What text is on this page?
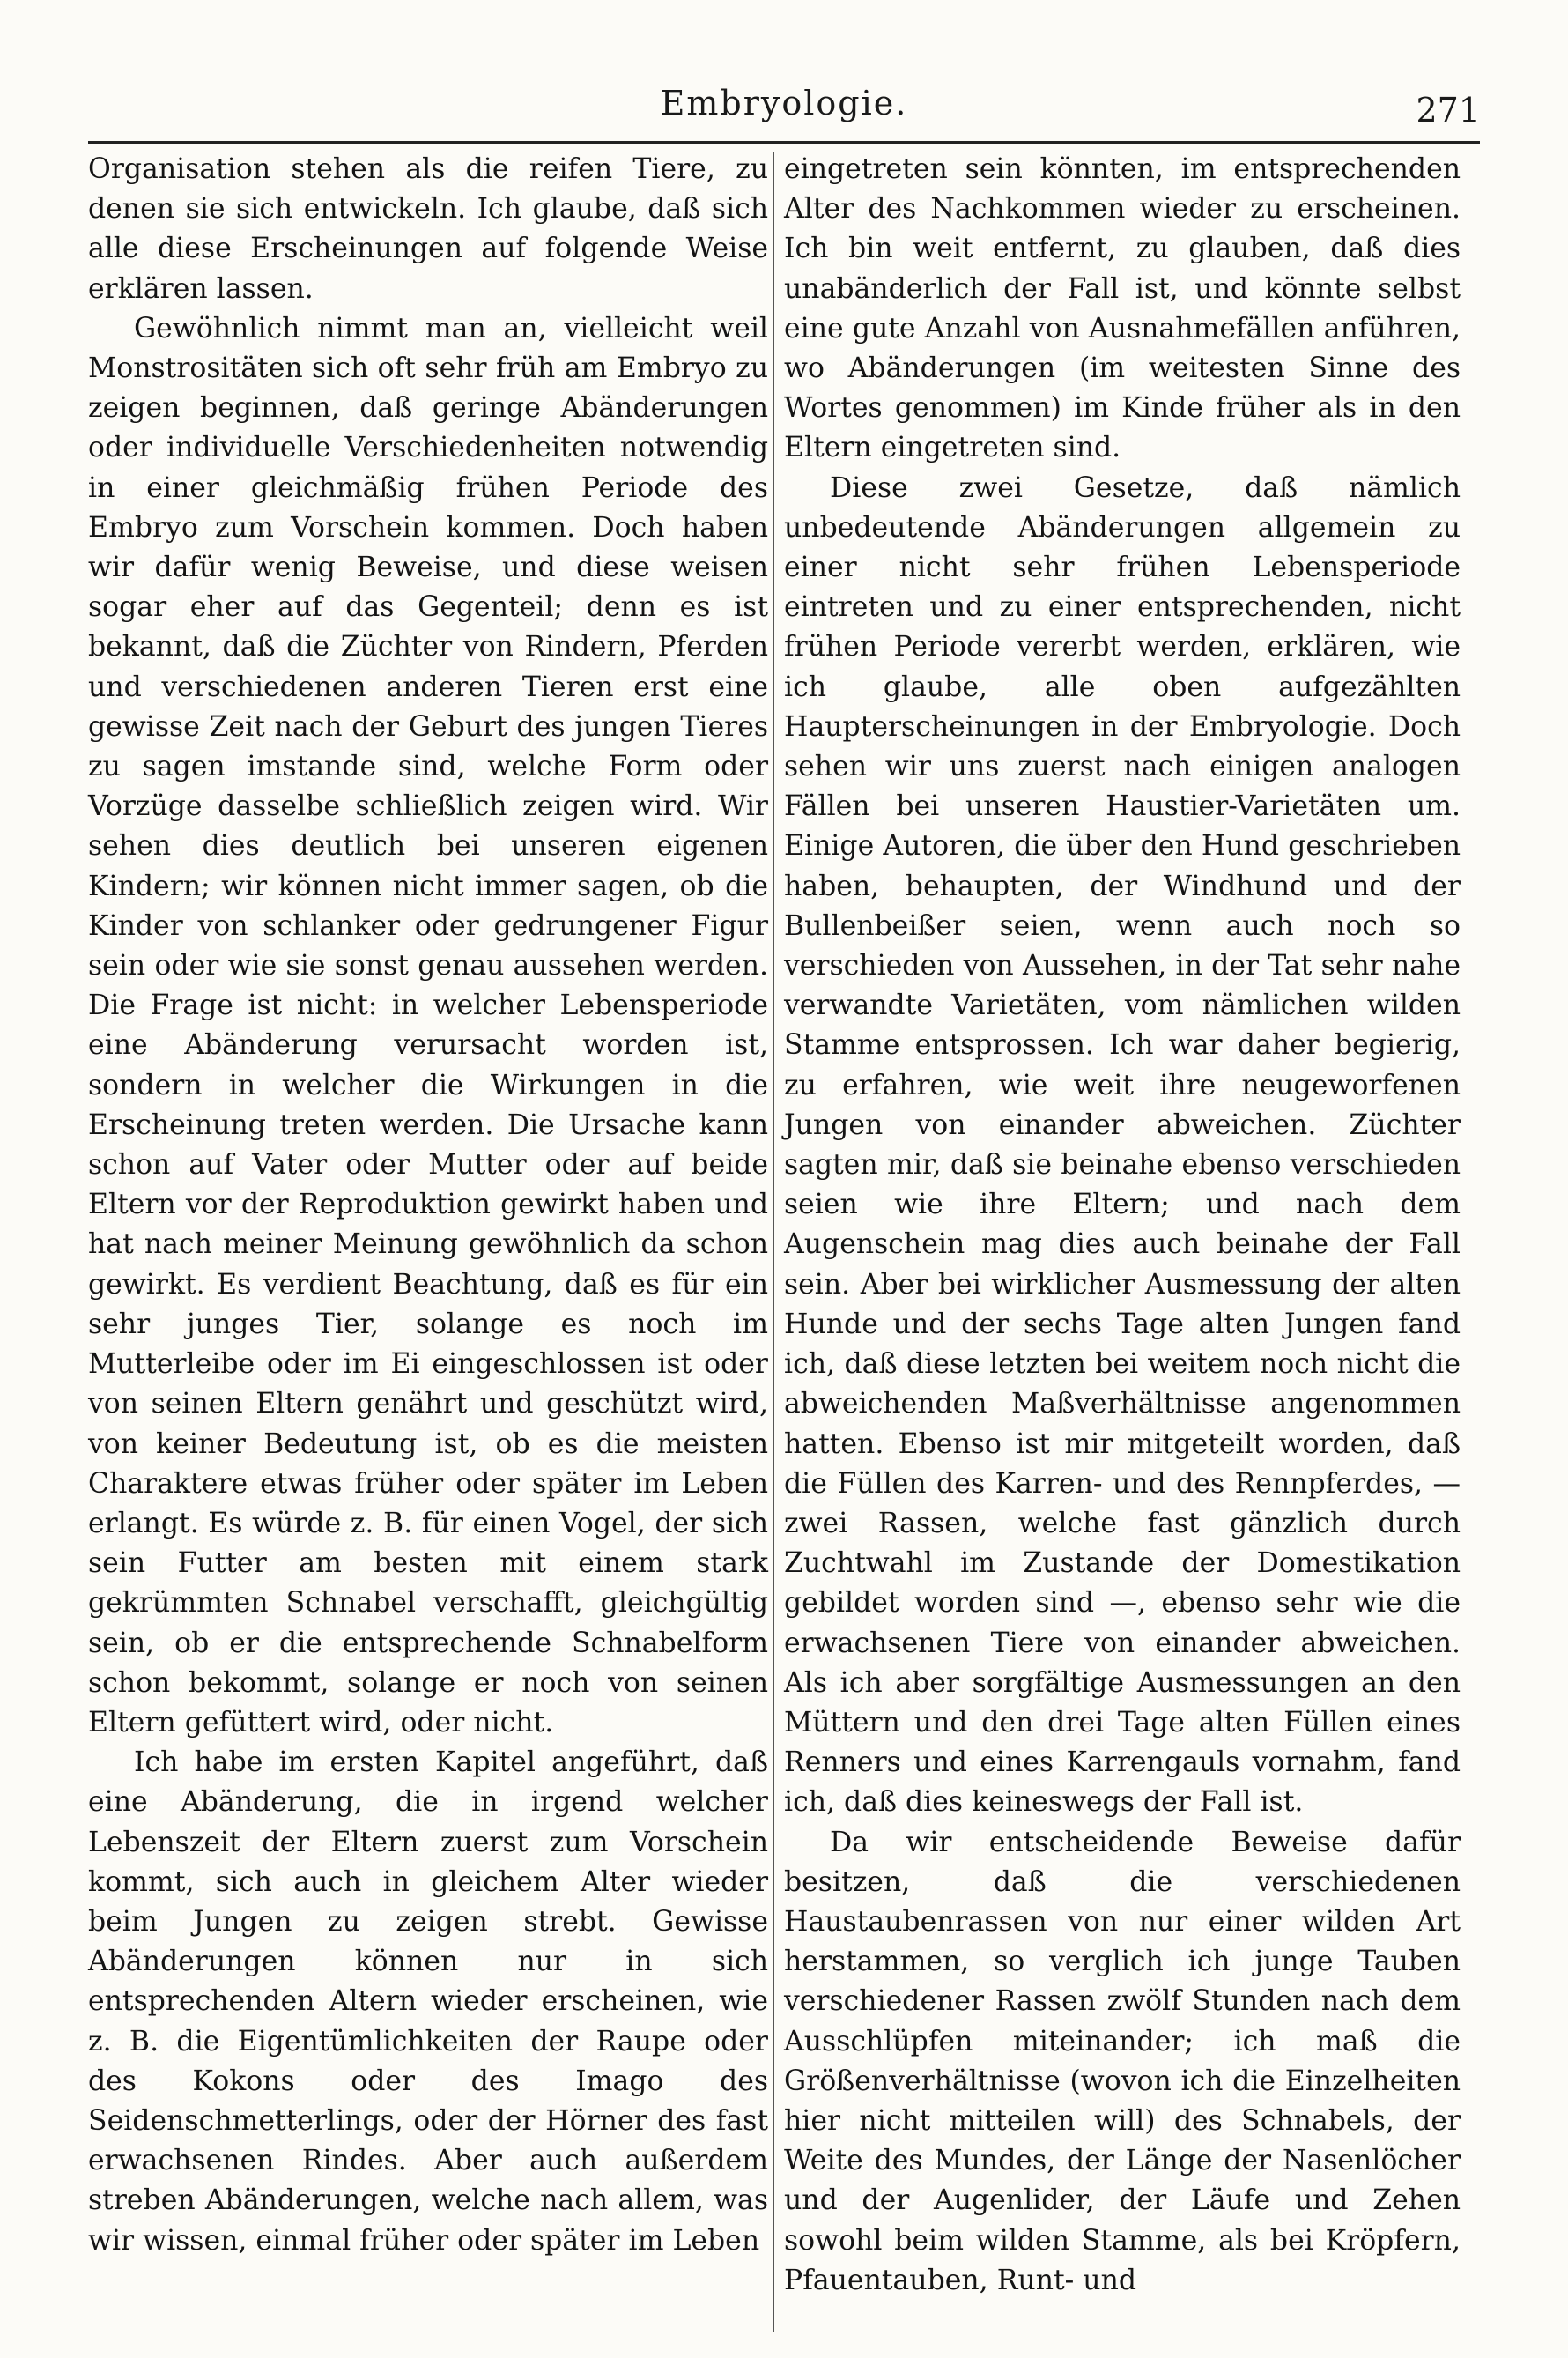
Embryologie.	271

Organisation stehen als die reifen Tiere, zu denen sie sich entwickeln. Ich glaube, daß sich alle diese Erscheinungen auf folgende Weise erklären lassen.

Gewöhnlich nimmt man an, vielleicht weil Monstrositäten sich oft sehr früh am Embryo zu zeigen beginnen, daß geringe Abänderungen oder individuelle Verschiedenheiten notwendig in einer gleichmäßig frühen Periode des Embryo zum Vorschein kommen. Doch haben wir dafür wenig Beweise, und diese weisen sogar eher auf das Gegenteil; denn es ist bekannt, daß die Züchter von Rindern, Pferden und verschiedenen anderen Tieren erst eine gewisse Zeit nach der Geburt des jungen Tieres zu sagen imstande sind, welche Form oder Vorzüge dasselbe schließlich zeigen wird. Wir sehen dies deutlich bei unseren eigenen Kindern; wir können nicht immer sagen, ob die Kinder von schlanker oder gedrungener Figur sein oder wie sie sonst genau aussehen werden. Die Frage ist nicht: in welcher Lebensperiode eine Abänderung verursacht worden ist, sondern in welcher die Wirkungen in die Erscheinung treten werden. Die Ursache kann schon auf Vater oder Mutter oder auf beide Eltern vor der Reproduktion gewirkt haben und hat nach meiner Meinung gewöhnlich da schon gewirkt. Es verdient Beachtung, daß es für ein sehr junges Tier, solange es noch im Mutterleibe oder im Ei eingeschlossen ist oder von seinen Eltern genährt und geschützt wird, von keiner Bedeutung ist, ob es die meisten Charaktere etwas früher oder später im Leben erlangt. Es würde z. B. für einen Vogel, der sich sein Futter am besten mit einem stark gekrümmten Schnabel verschafft, gleichgültig sein, ob er die entsprechende Schnabelform schon bekommt, solange er noch von seinen Eltern gefüttert wird, oder nicht.

Ich habe im ersten Kapitel angeführt, daß eine Abänderung, die in irgend welcher Lebenszeit der Eltern zuerst zum Vorschein kommt, sich auch in gleichem Alter wieder beim Jungen zu zeigen strebt. Gewisse Abänderungen können nur in sich entsprechenden Altern wieder erscheinen, wie z. B. die Eigentümlichkeiten der Raupe oder des Kokons oder des Imago des Seidenschmetterlings, oder der Hörner des fast erwachsenen Rindes. Aber auch außerdem streben Abänderungen, welche nach allem, was wir wissen, einmal früher oder später im Leben

eingetreten sein könnten, im entsprechenden Alter des Nachkommen wieder zu erscheinen. Ich bin weit entfernt, zu glauben, daß dies unabänderlich der Fall ist, und könnte selbst eine gute Anzahl von Ausnahmefällen anführen, wo Abänderungen (im weitesten Sinne des Wortes genommen) im Kinde früher als in den Eltern eingetreten sind.

Diese zwei Gesetze, daß nämlich unbedeutende Abänderungen allgemein zu einer nicht sehr frühen Lebensperiode eintreten und zu einer entsprechenden, nicht frühen Periode vererbt werden, erklären, wie ich glaube, alle oben aufgezählten Haupterscheinungen in der Embryologie. Doch sehen wir uns zuerst nach einigen analogen Fällen bei unseren Haustier-Varietäten um. Einige Autoren, die über den Hund geschrieben haben, behaupten, der Windhund und der Bullenbeißer seien, wenn auch noch so verschieden von Aussehen, in der Tat sehr nahe verwandte Varietäten, vom nämlichen wilden Stamme entsprossen. Ich war daher begierig, zu erfahren, wie weit ihre neugeworfenen Jungen von einander abweichen. Züchter sagten mir, daß sie beinahe ebenso verschieden seien wie ihre Eltern; und nach dem Augenschein mag dies auch beinahe der Fall sein. Aber bei wirklicher Ausmessung der alten Hunde und der sechs Tage alten Jungen fand ich, daß diese letzten bei weitem noch nicht die abweichenden Maßverhältnisse angenommen hatten. Ebenso ist mir mitgeteilt worden, daß die Füllen des Karren- und des Rennpferdes, — zwei Rassen, welche fast gänzlich durch Zuchtwahl im Zustande der Domestikation gebildet worden sind —, ebenso sehr wie die erwachsenen Tiere von einander abweichen. Als ich aber sorgfältige Ausmessungen an den Müttern und den drei Tage alten Füllen eines Renners und eines Karrengauls vornahm, fand ich, daß dies keineswegs der Fall ist.

Da wir entscheidende Beweise dafür besitzen, daß die verschiedenen Haustaubenrassen von nur einer wilden Art herstammen, so verglich ich junge Tauben verschiedener Rassen zwölf Stunden nach dem Ausschlüpfen miteinander; ich maß die Größenverhältnisse (wovon ich die Einzelheiten hier nicht mitteilen will) des Schnabels, der Weite des Mundes, der Länge der Nasenlöcher und der Augenlider, der Läufe und Zehen sowohl beim wilden Stamme, als bei Kröpfern, Pfauentauben, Runt- und
